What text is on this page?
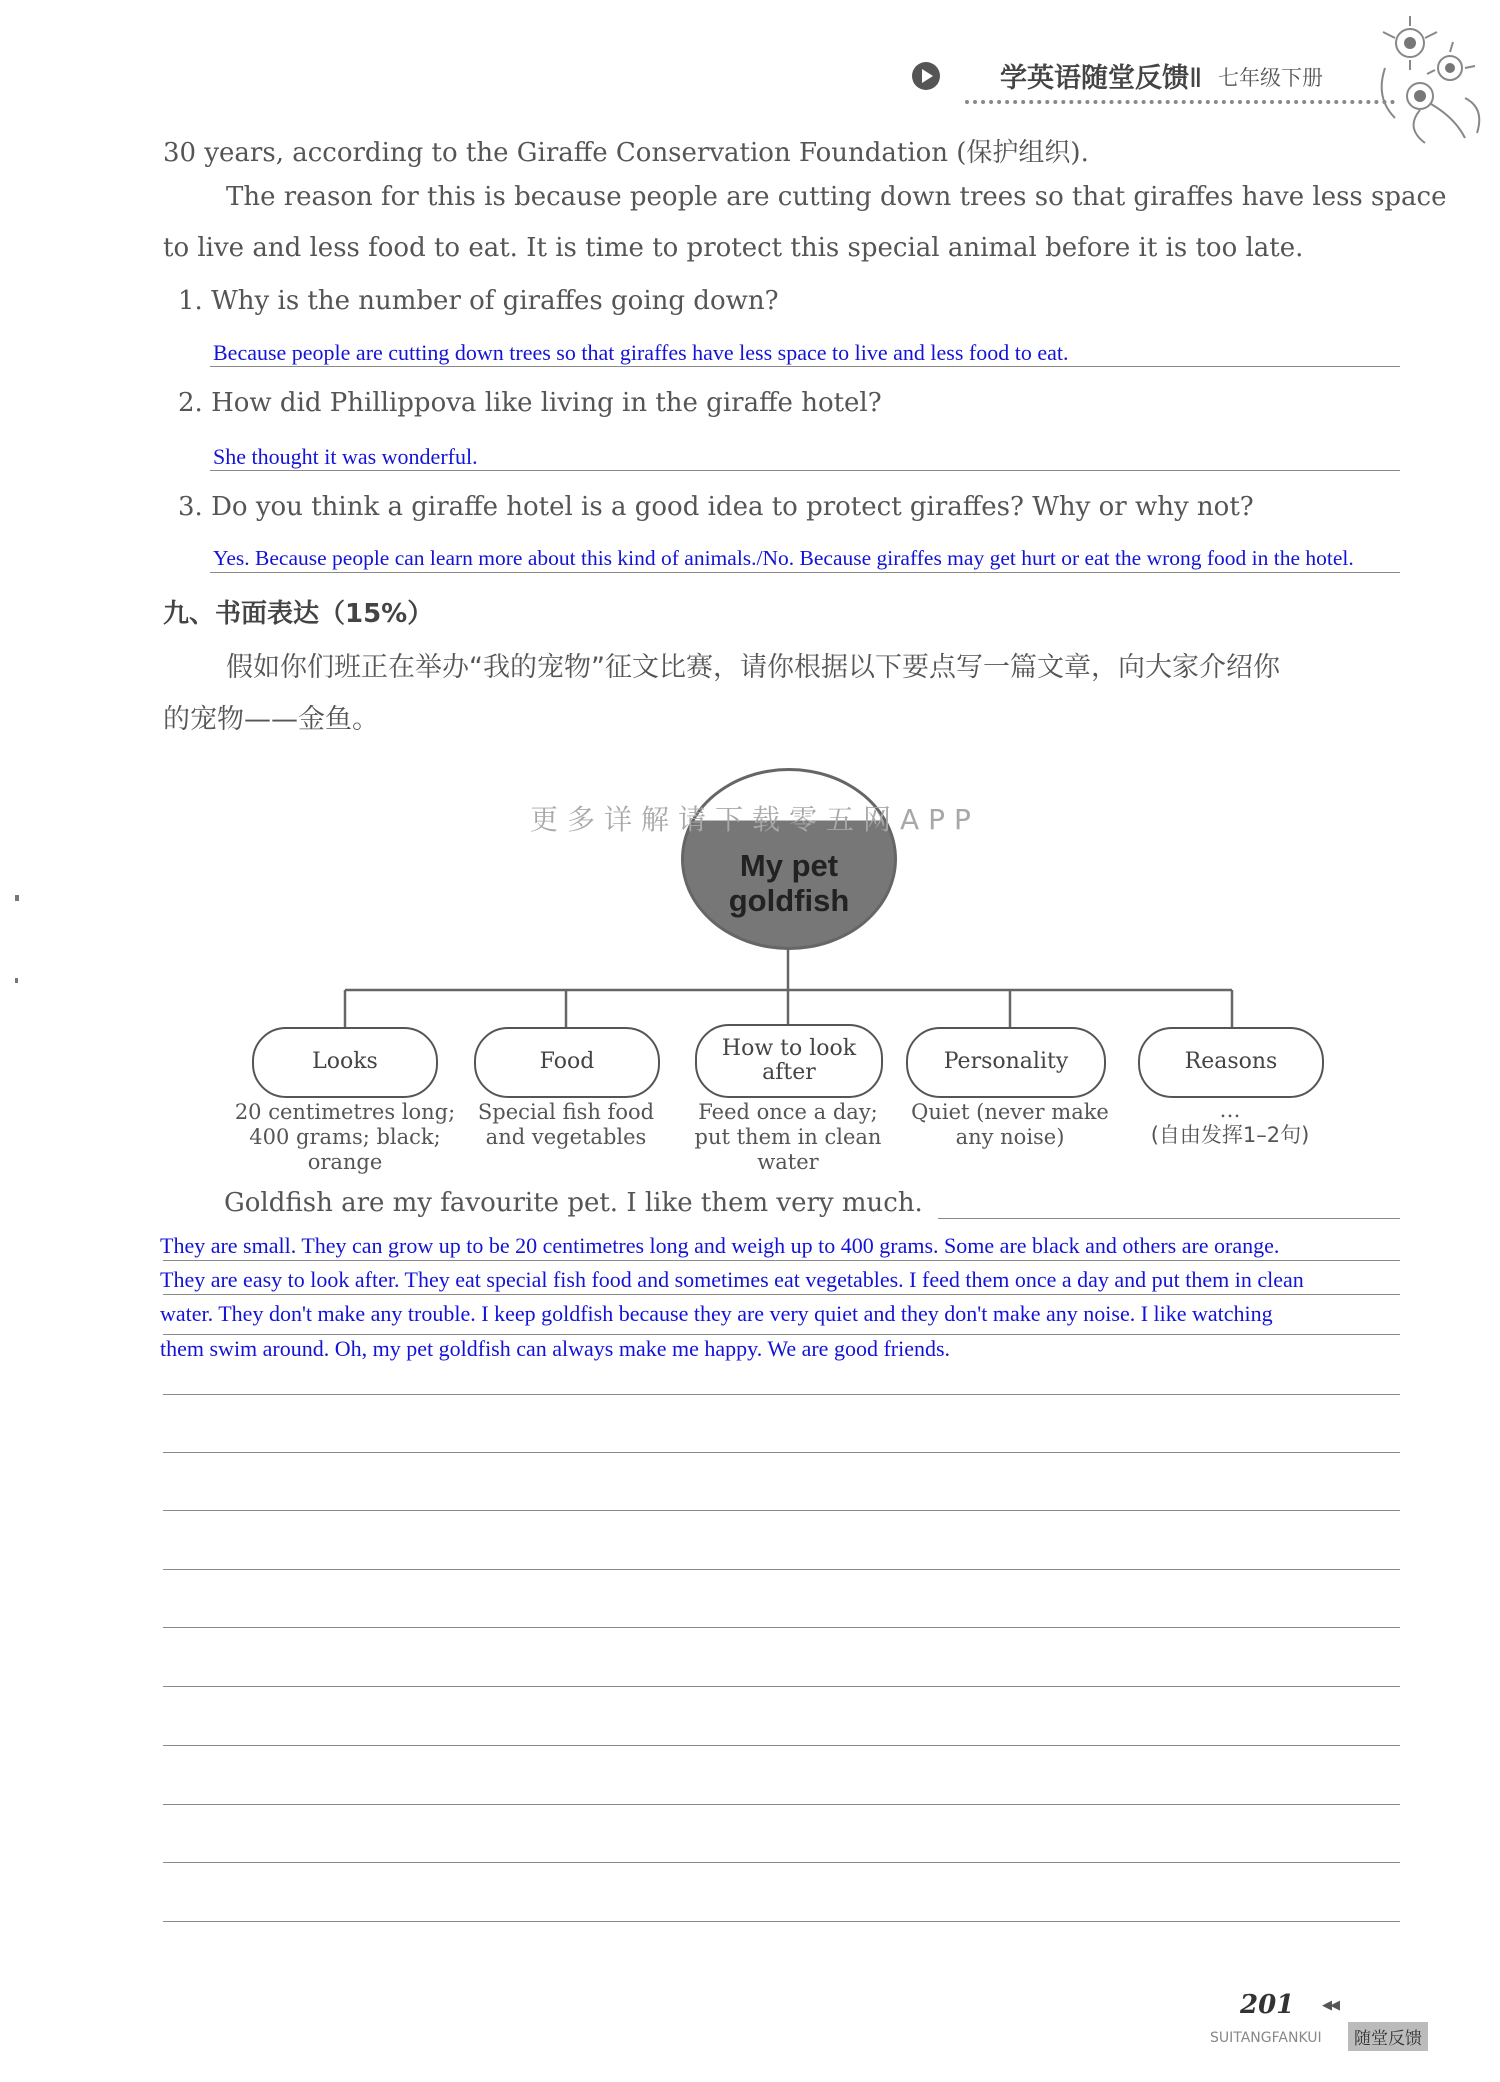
学英语随堂反馈Ⅱ 七年级下册
30 years, according to the Giraffe Conservation Foundation (保护组织).
The reason for this is because people are cutting down trees so that giraffes have less space
to live and less food to eat. It is time to protect this special animal before it is too late.
1. Why is the number of giraffes going down?
Because people are cutting down trees so that giraffes have less space to live and less food to eat.
2. How did Phillippova like living in the giraffe hotel?
She thought it was wonderful.
3. Do you think a giraffe hotel is a good idea to protect giraffes? Why or why not?
Yes. Because people can learn more about this kind of animals./No. Because giraffes may get hurt or eat the wrong food in the hotel.
九、书面表达（15%）
假如你们班正在举办“我的宠物”征文比赛，请你根据以下要点写一篇文章，向大家介绍你
的宠物——金鱼。
My pet
goldfish
更多详解请下载零五网APP
Looks
20 centimetres long;
400 grams; black;
orange
Food
Special fish food
and vegetables
How to look after
Feed once a day;
put them in clean
water
Personality
Quiet (never make
any noise)
Reasons
…
(自由发挥1–2句)
Goldfish are my favourite pet. I like them very much.
They are small. They can grow up to be 20 centimetres long and weigh up to 400 grams. Some are black and others are orange.
They are easy to look after. They eat special fish food and sometimes eat vegetables. I feed them once a day and put them in clean
water. They don't make any trouble. I keep goldfish because they are very quiet and they don't make any noise. I like watching
them swim around. Oh, my pet goldfish can always make me happy. We are good friends.
201 ◀◀
SUITANGFANKUI	随堂反馈
